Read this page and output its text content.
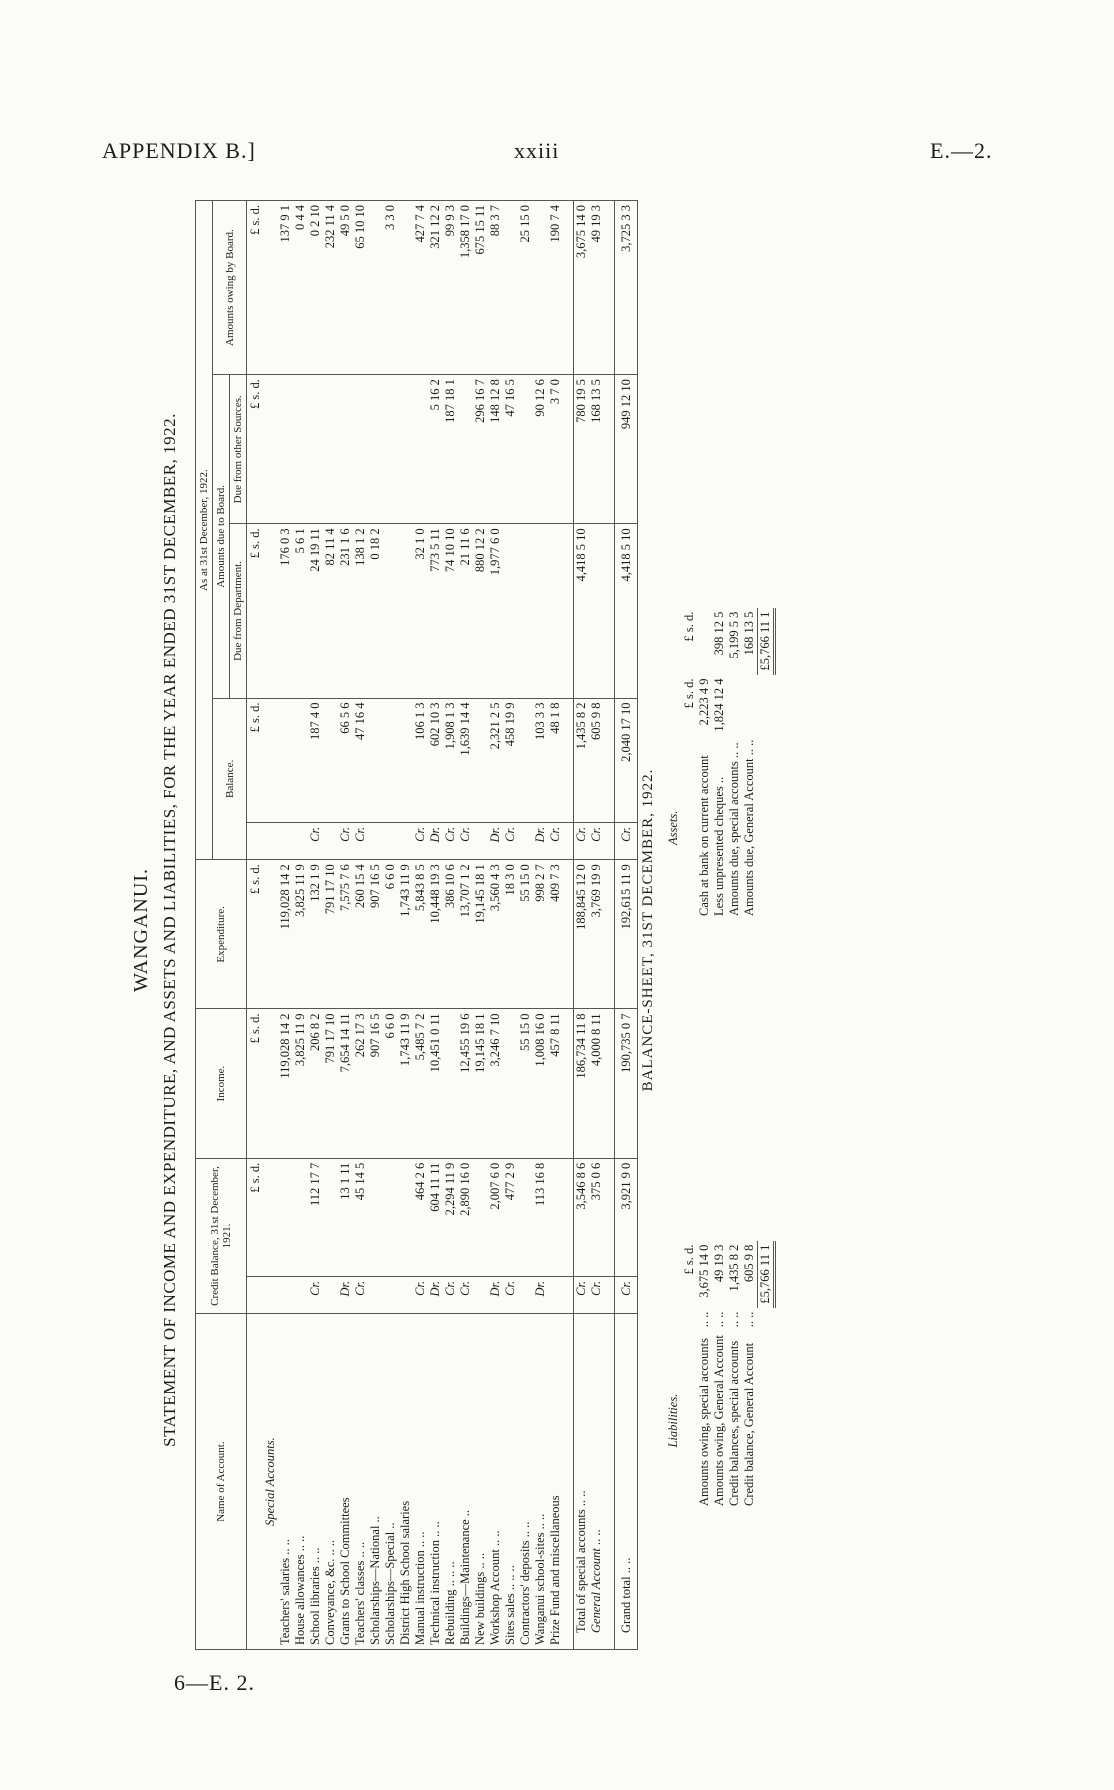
APPENDIX B.]	xxiii	E.—2.
6—E. 2.
WANGANUI. STATEMENT OF INCOME AND EXPENDITURE, AND ASSETS AND LIABILITIES, FOR THE YEAR ENDED 31ST DECEMBER, 1922.
Name of Account.	Credit Balance, 31st December, 1921.		Income.	Expenditure.	As at 31st December, 1922.				
					Balance.		Amounts due to Board.		Amounts owing by Board.
							Due from Department.	Due from other Sources.	
		£ s. d.	£ s. d.	£ s. d.		£ s. d.	£ s. d.	£ s. d.	£ s. d.
Special Accounts.									
Teachers' salaries .. ..			119,028 14 2	119,028 14 2			176 0 3		137 9 1
House allowances .. ..			3,825 11 9	3,825 11 9			5 6 1		0 4 4
School libraries .. ..	Cr.	112 17 7	206 8 2	132 1 9	Cr.	187 4 0	24 19 11		0 2 10
Conveyance, &c. .. ..			791 17 10	791 17 10			82 11 4		232 11 4
Grants to School Committees	Dr.	13 1 11	7,654 14 11	7,575 7 6	Cr.	66 5 6	231 1 6		49 5 0
Teachers' classes .. ..	Cr.	45 14 5	262 17 3	260 15 4	Cr.	47 16 4	138 1 2		65 10 10
Scholarships—National ..			907 16 5	907 16 5			0 18 2		
Scholarships—Special ..			6 6 0	6 6 0					3 3 0
District High School salaries			1,743 11 9	1,743 11 9					
Manual instruction .. ..	Cr.	464 2 6	5,485 7 2	5,843 8 5	Cr.	106 1 3	32 1 0		427 7 4
Technical instruction .. ..	Dr.	604 11 11	10,451 0 11	10,448 19 3	Dr.	602 10 3	773 5 11	5 16 2	321 12 2
Rebuilding .. .. ..	Cr.	2,294 11 9		386 10 6	Cr.	1,908 1 3	74 10 10	187 18 1	99 9 3
Buildings—Maintenance ..	Cr.	2,890 16 0	12,455 19 6	13,707 1 2	Cr.	1,639 14 4	21 11 6		1,358 17 0
New buildings .. ..			19,145 18 1	19,145 18 1			880 12 2	296 16 7	675 15 11
Workshop Account .. ..	Dr.	2,007 6 0	3,246 7 10	3,560 4 3	Dr.	2,321 2 5	1,977 6 0	148 12 8	88 3 7
Sites sales .. .. ..	Cr.	477 2 9		18 3 0	Cr.	458 19 9		47 16 5	
Contractors' deposits .. ..			55 15 0	55 15 0					25 15 0
Wanganui school-sites .. ..	Dr.	113 16 8	1,008 16 0	998 2 7	Dr.	103 3 3		90 12 6	
Prize Fund and miscellaneous			457 8 11	409 7 3	Cr.	48 1 8		3 7 0	190 7 4

Total of special accounts .. ..	Cr.	3,546 8 6	186,734 11 8	188,845 12 0	Cr.	1,435 8 2	4,418 5 10	780 19 5	3,675 14 0
General Account .. ..	Cr.	375 0 6	4,000 8 11	3,769 19 9	Cr.	605 9 8		168 13 5	49 19 3

Grand total .. ..	Cr.	3,921 9 0	190,735 0 7	192,615 11 9	Cr.	2,040 17 10	4,418 5 10	949 12 10	3,725 3 3
BALANCE-SHEET, 31ST DECEMBER, 1922.
Liabilities.		
		£ s. d.
Amounts owing, special accounts	.. ..	3,675 14 0
Amounts owing, General Account	.. ..	49 19 3
Credit balances, special accounts	.. ..	1,435 8 2
Credit balance, General Account	.. ..	605 9 8
		£5,766 11 1
Assets.		
	£ s. d.	£ s. d.
Cash at bank on current account	2,223 4 9	
Less unpresented cheques ..	1,824 12 4	398 12 5
Amounts due, special accounts .. ..		5,199 5 3
Amounts due, General Account .. ..		168 13 5
		£5,766 11 1
